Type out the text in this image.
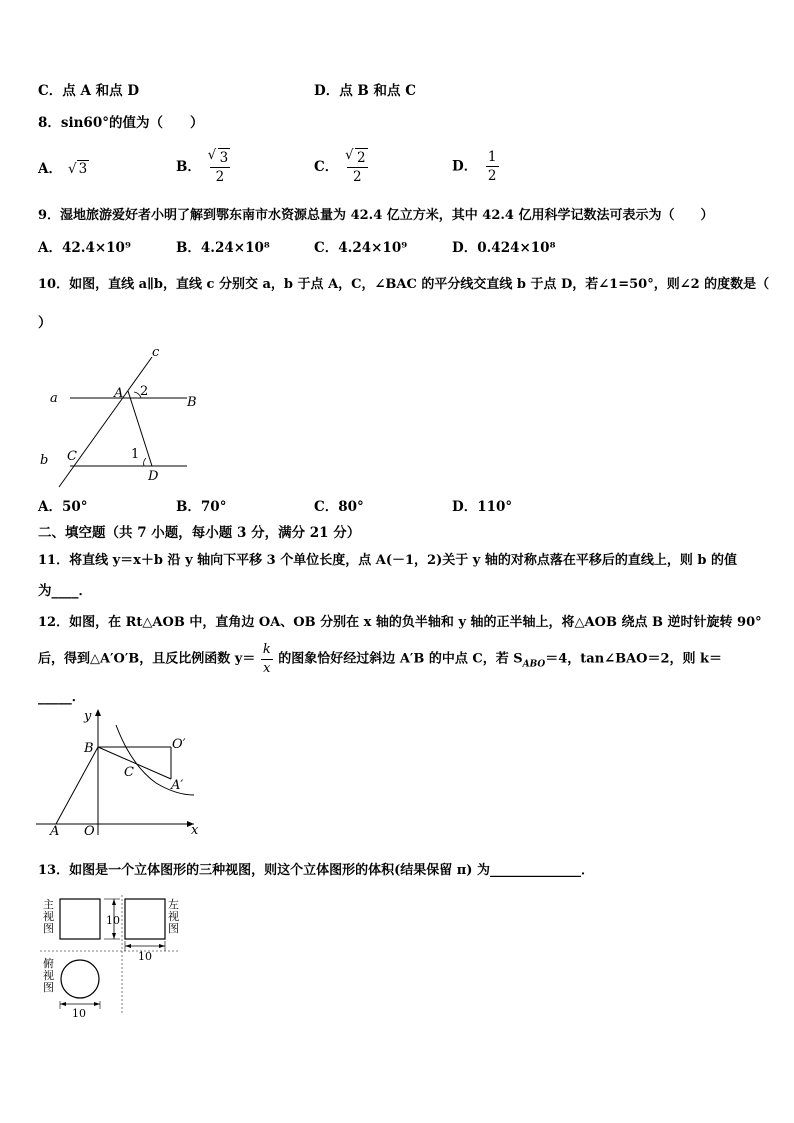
C．点 A 和点 D	D．点 B 和点 C
8．sin60°的值为（　　）
A． √ 3	B． √ $\frac{3}{2}$	C． √ $\frac{2}{2}$	D． $\frac{1}{2}$
9．湿地旅游爱好者小明了解到鄂东南市水资源总量为 42.4 亿立方米，其中 42.4 亿用科学记数法可表示为（　　）
A．42.4×10⁹	B．4.24×10⁸	C．4.24×10⁹	D．0.424×10⁸
10．如图，直线 a∥b，直线 c 分别交 a，b 于点 A，C，∠BAC 的平分线交直线 b 于点 D，若∠1=50°，则∠2 的度数是（
）
c
a	A 2
B
b C	1
D
A．50°	B．70°	C．80°	D．110°
二、填空题（共 7 小题，每小题 3 分，满分 21 分）
11．将直线 y＝x＋b 沿 y 轴向下平移 3 个单位长度，点 A(－1，2)关于 y 轴的对称点落在平移后的直线上，则 b 的值
为____．
12．如图，在 Rt△AOB 中，直角边 OA、OB 分别在 x 轴的负半轴和 y 轴的正半轴上，将△AOB 绕点 B 逆时针旋转 90°
后，得到△A′O′B，且反比例函数 $y= \frac{k}{x}$ 的图象恰好经过斜边 A′B 的中点 C，若 $S_{ABO}=4$，tan∠BAO＝2，则 k＝
_____．
y
B	O′
C
A′
A O	x
13．如图是一个立体图形的三种视图，则这个立体图形的体积(结果保留 π) 为______________．
主
视
图
左
视
图
俯
视
图
10
10
10
